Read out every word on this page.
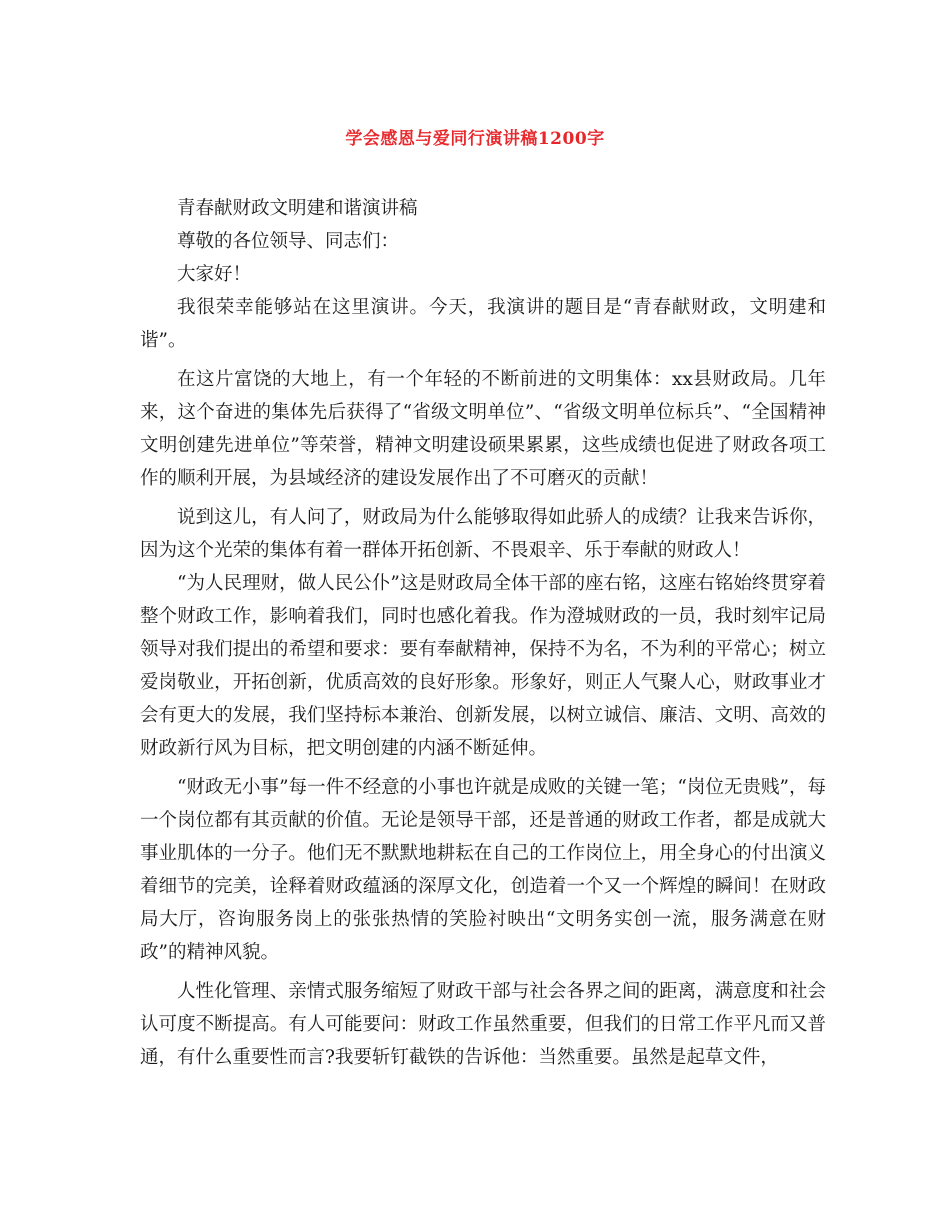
学会感恩与爱同行演讲稿1200字

青春献财政文明建和谐演讲稿

尊敬的各位领导、同志们：

大家好！

我很荣幸能够站在这里演讲。今天，我演讲的题目是“青春献财政，文明建和谐”。

在这片富饶的大地上，有一个年轻的不断前进的文明集体：xx县财政局。几年来，这个奋进的集体先后获得了“省级文明单位”、“省级文明单位标兵”、“全国精神文明创建先进单位”等荣誉，精神文明建设硕果累累，这些成绩也促进了财政各项工作的顺利开展，为县域经济的建设发展作出了不可磨灭的贡献！

说到这儿，有人问了，财政局为什么能够取得如此骄人的成绩？让我来告诉你，因为这个光荣的集体有着一群体开拓创新、不畏艰辛、乐于奉献的财政人！

“为人民理财，做人民公仆”这是财政局全体干部的座右铭，这座右铭始终贯穿着整个财政工作，影响着我们，同时也感化着我。作为澄城财政的一员，我时刻牢记局领导对我们提出的希望和要求：要有奉献精神，保持不为名，不为利的平常心；树立爱岗敬业，开拓创新，优质高效的良好形象。形象好，则正人气聚人心，财政事业才会有更大的发展，我们坚持标本兼治、创新发展，以树立诚信、廉洁、文明、高效的财政新行风为目标，把文明创建的内涵不断延伸。

“财政无小事”每一件不经意的小事也许就是成败的关键一笔；“岗位无贵贱”，每一个岗位都有其贡献的价值。无论是领导干部，还是普通的财政工作者，都是成就大事业肌体的一分子。他们无不默默地耕耘在自己的工作岗位上，用全身心的付出演义着细节的完美，诠释着财政蕴涵的深厚文化，创造着一个又一个辉煌的瞬间！在财政局大厅，咨询服务岗上的张张热情的笑脸衬映出“文明务实创一流，服务满意在财政”的精神风貌。

人性化管理、亲情式服务缩短了财政干部与社会各界之间的距离，满意度和社会认可度不断提高。有人可能要问：财政工作虽然重要，但我们的日常工作平凡而又普通，有什么重要性而言?我要斩钉截铁的告诉他：当然重要。虽然是起草文件，
